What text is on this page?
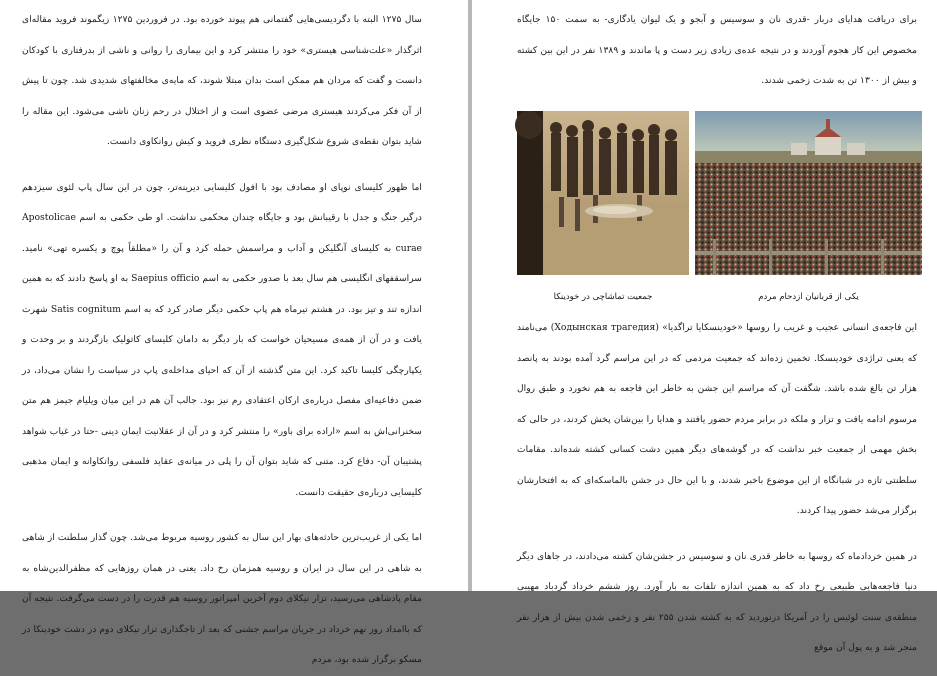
سال ۱۲۷۵ البته با دگردیسی‌هایی گفتمانی هم پیوند خورده بود. در فروردین ۱۲۷۵ زیگموند فروید مقاله‌ای اثرگذار «علت‌شناسی هیستری» خود را منتشر کرد و این بیماری را روانی و ناشی از بدرفتاری با کودکان دانست و گفت که مردان هم ممکن است بدان مبتلا شوند، که مایه‌ی مخالفتهای شدیدی شد. چون تا پیش از آن فکر می‌کردند هیستری مرضی عضوی است و از اختلال در رحم زنان ناشی می‌شود. این مقاله را شاید بتوان نقطه‌ی شروع شکل‌گیری دستگاه نظری فروید و کیش روانکاوی دانست.

اما ظهور کلیسای نوپای او مصادف بود با افول کلیسایی دیرینه‌تر، چون در این سال پاپ لئوی سیزدهم درگیر جنگ و جدل با رقیبانش بود و جایگاه چندان محکمی نداشت. او طی حکمی به اسم Apostolicae curae به کلیسای آنگلیکن و آداب و مراسمش حمله کرد و آن را «مطلقاً پوچ و یکسره تهی» نامید. سراسقفهای انگلیسی هم سال بعد با صدور حکمی به اسم Saepius officio به او پاسخ دادند که به همین اندازه تند و تیز بود. در هشتم تیرماه هم پاپ حکمی دیگر صادر کرد که به اسم Satis cognitum شهرت یافت و در آن از همه‌ی مسیحیان خواست که بار دیگر به دامان کلیسای کاتولیک بازگردند و بر وحدت و یکپارچگی کلیسا تاکید کرد. این متن گذشته از آن که احیای مداخله‌ی پاپ در سیاست را نشان می‌داد، در ضمن دفاعیه‌ای مفصل درباره‌ی ارکان اعتقادی رم نیز بود. جالب آن هم در این میان ویلیام جیمز هم متن سخنرانی‌اش به اسم «اراده برای باور» را منتشر کرد و در آن از عقلانیت ایمان دینی -حتا در غیاب شواهد پشتیبان آن- دفاع کرد. متنی که شاید بتوان آن را پلی در میانه‌ی عقاید فلسفی روانکاوانه و ایمان مذهبی کلیسایی درباره‌ی حقیقت دانست.

اما یکی از غریب‌ترین حادثه‌های بهار این سال به کشور روسیه مربوط می‌شد. چون گذار سلطنت از شاهی به شاهی در این سال در ایران و روسیه همزمان رخ داد. یعنی در همان روزهایی که مظفرالدین‌شاه به مقام پادشاهی می‌رسید، تزار نیکلای دوم آخرین امپراتور روسیه هم قدرت را در دست می‌گرفت. نتیجه آن که باامداد روز نهم خرداد در جریان مراسم جشنی که بعد از تاجگذاری تزار نیکلای دوم در دشت خودینکا در مسکو برگزار شده بود، مردم

برای دریافت هدایای دربار -قدری نان و سوسیس و آبجو و یک لیوان یادگاری- به سمت ۱۵۰ جایگاه مخصوص این کار هجوم آوردند و در نتیجه عده‌ی زیادی زیر دست و پا ماندند و ۱۳۸۹ نفر در این بین کشته و بیش از ۱۳۰۰ تن به شدت زخمی شدند.

یکی از قربانیان ازدحام مردم
جمعیت تماشاچی در خودینکا

این فاجعه‌ی انسانی عجیب و غریب را روسها «خودینسکایا تراگدیا» (Ходынская трагедия) می‌نامند که یعنی تراژدی خودینسکا. تخمین زده‌اند که جمعیت مردمی که در این مراسم گرد آمده بودند به پانصد هزار تن بالغ شده باشد. شگفت آن که مراسم این جشن به خاطر این فاجعه به هم نخورد و طبق روال مرسوم ادامه یافت و تزار و ملکه در برابر مردم حضور یافتند و هدایا را بین‌شان پخش کردند، در حالی که بخش مهمی از جمعیت خبر نداشت که در گوشه‌های دیگر همین دشت کسانی کشته شده‌اند. مقامات سلطنتی تازه در شبانگاه از این موضوع باخبر شدند، و با این حال در جشن بالماسکه‌ای که به افتخارشان برگزار می‌شد حضور پیدا کردند.

در همین خردادماه که روسها به خاطر قدری نان و سوسیس در جشن‌شان کشته می‌دادند، در جاهای دیگر دنیا فاجعه‌هایی طبیعی رخ داد که به همین اندازه تلفات به بار آورد. روز ششم خرداد گردباد مهیبی منطقه‌ی سنت لوئیس را در آمریکا درنوردید که به کشته شدن ۲۵۵ نفر و زخمی شدن بیش از هزار نفر منجر شد و به پول آن موقع
